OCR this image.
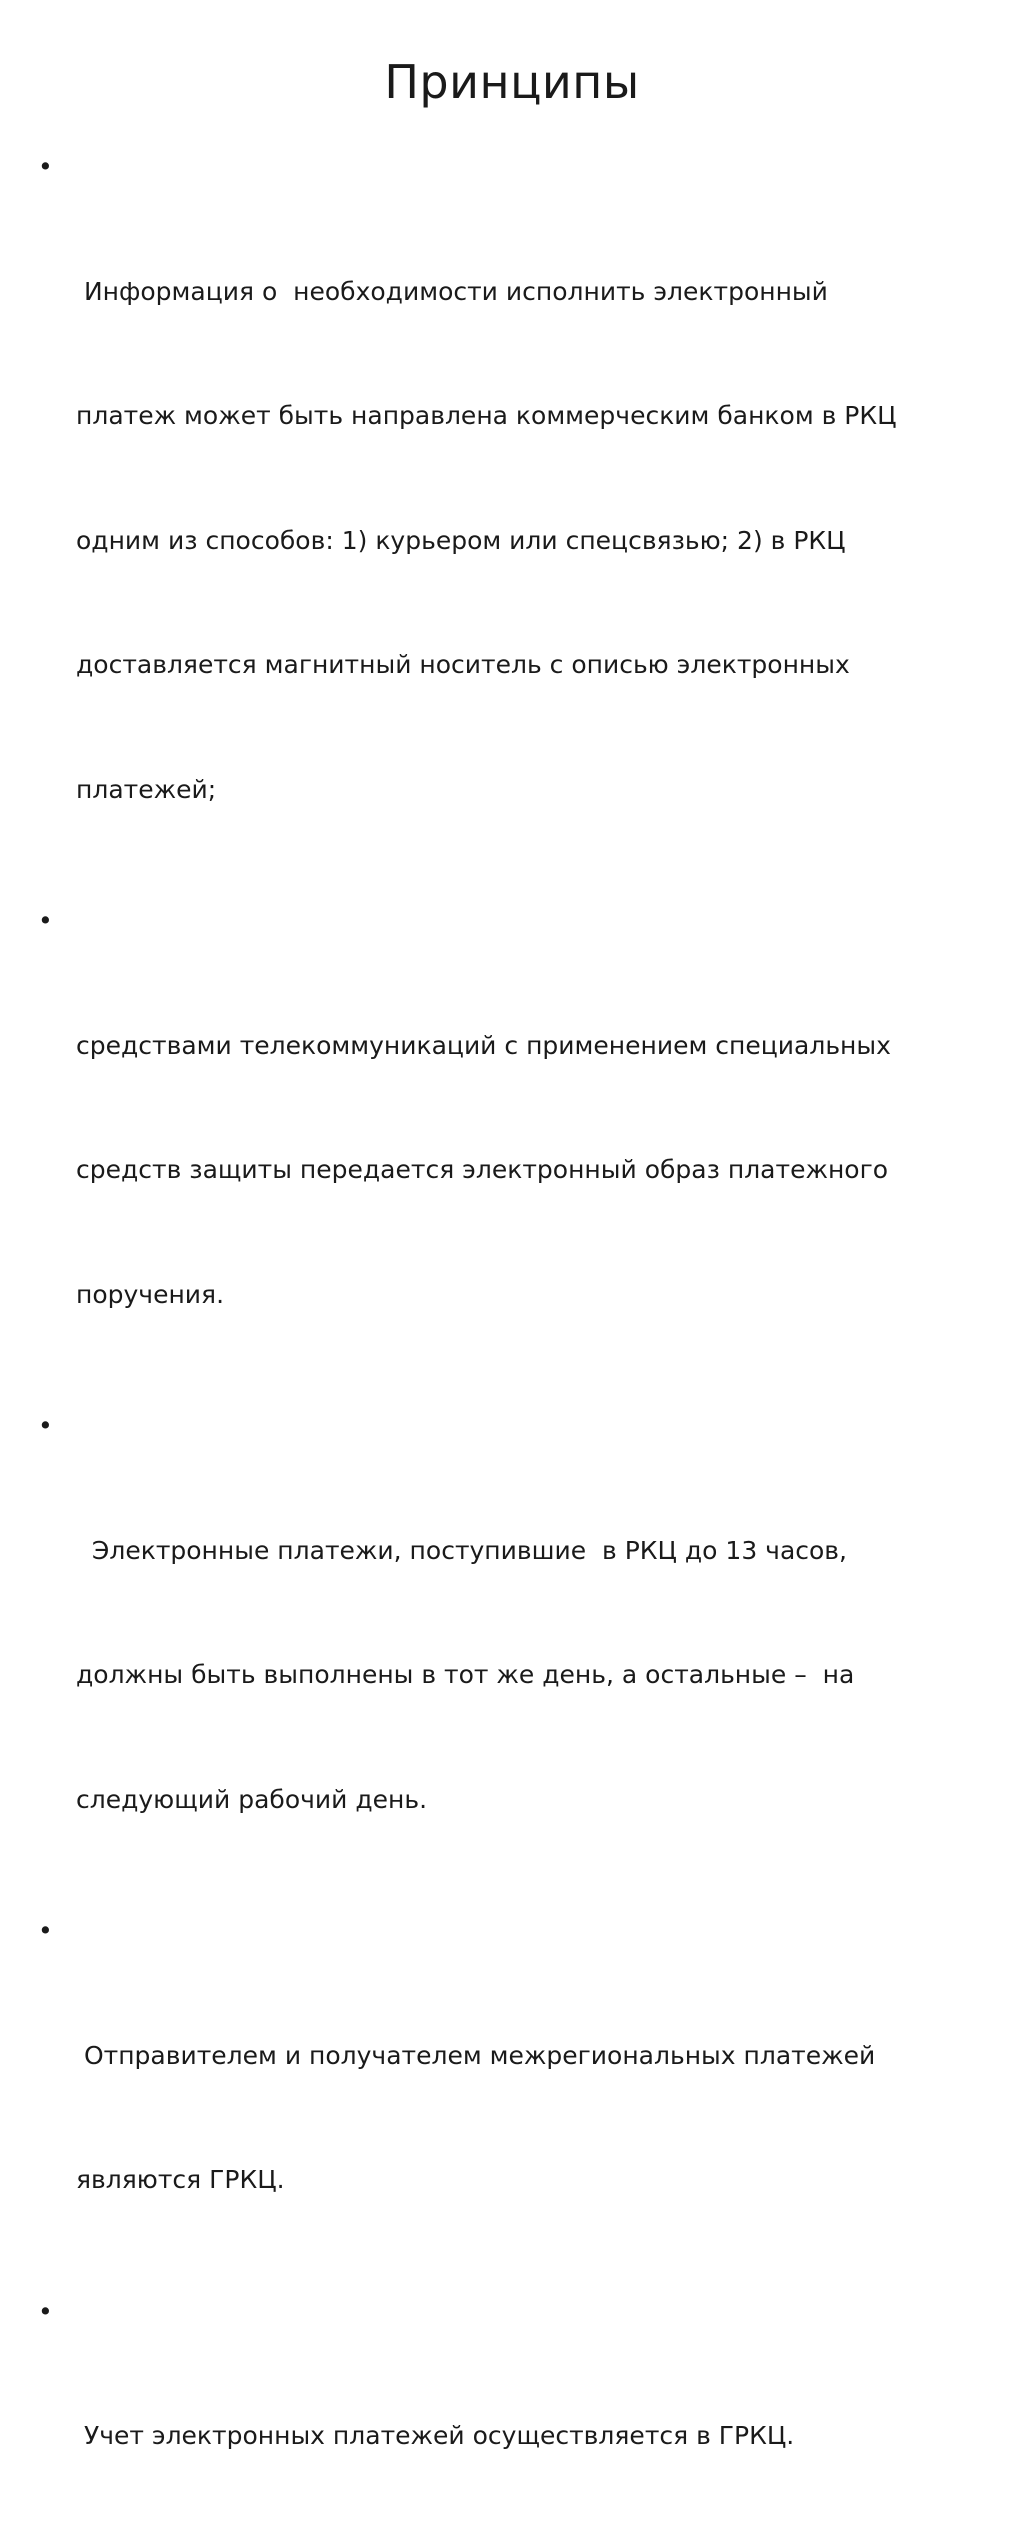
Принципы

•

Информация о  необходимости исполнить электронный

платеж может быть направлена коммерческим банком в РКЦ

одним из способов: 1) курьером или спецсвязью; 2) в РКЦ

доставляется магнитный носитель с описью электронных

платежей;

•

средствами телекоммуникаций с применением специальных

средств защиты передается электронный образ платежного

поручения.

•

Электронные платежи, поступившие  в РКЦ до 13 часов,

должны быть выполнены в тот же день, а остальные –  на

следующий рабочий день.

•

Отправителем и получателем межрегиональных платежей

являются ГРКЦ.

•

Учет электронных платежей осуществляется в ГРКЦ.
